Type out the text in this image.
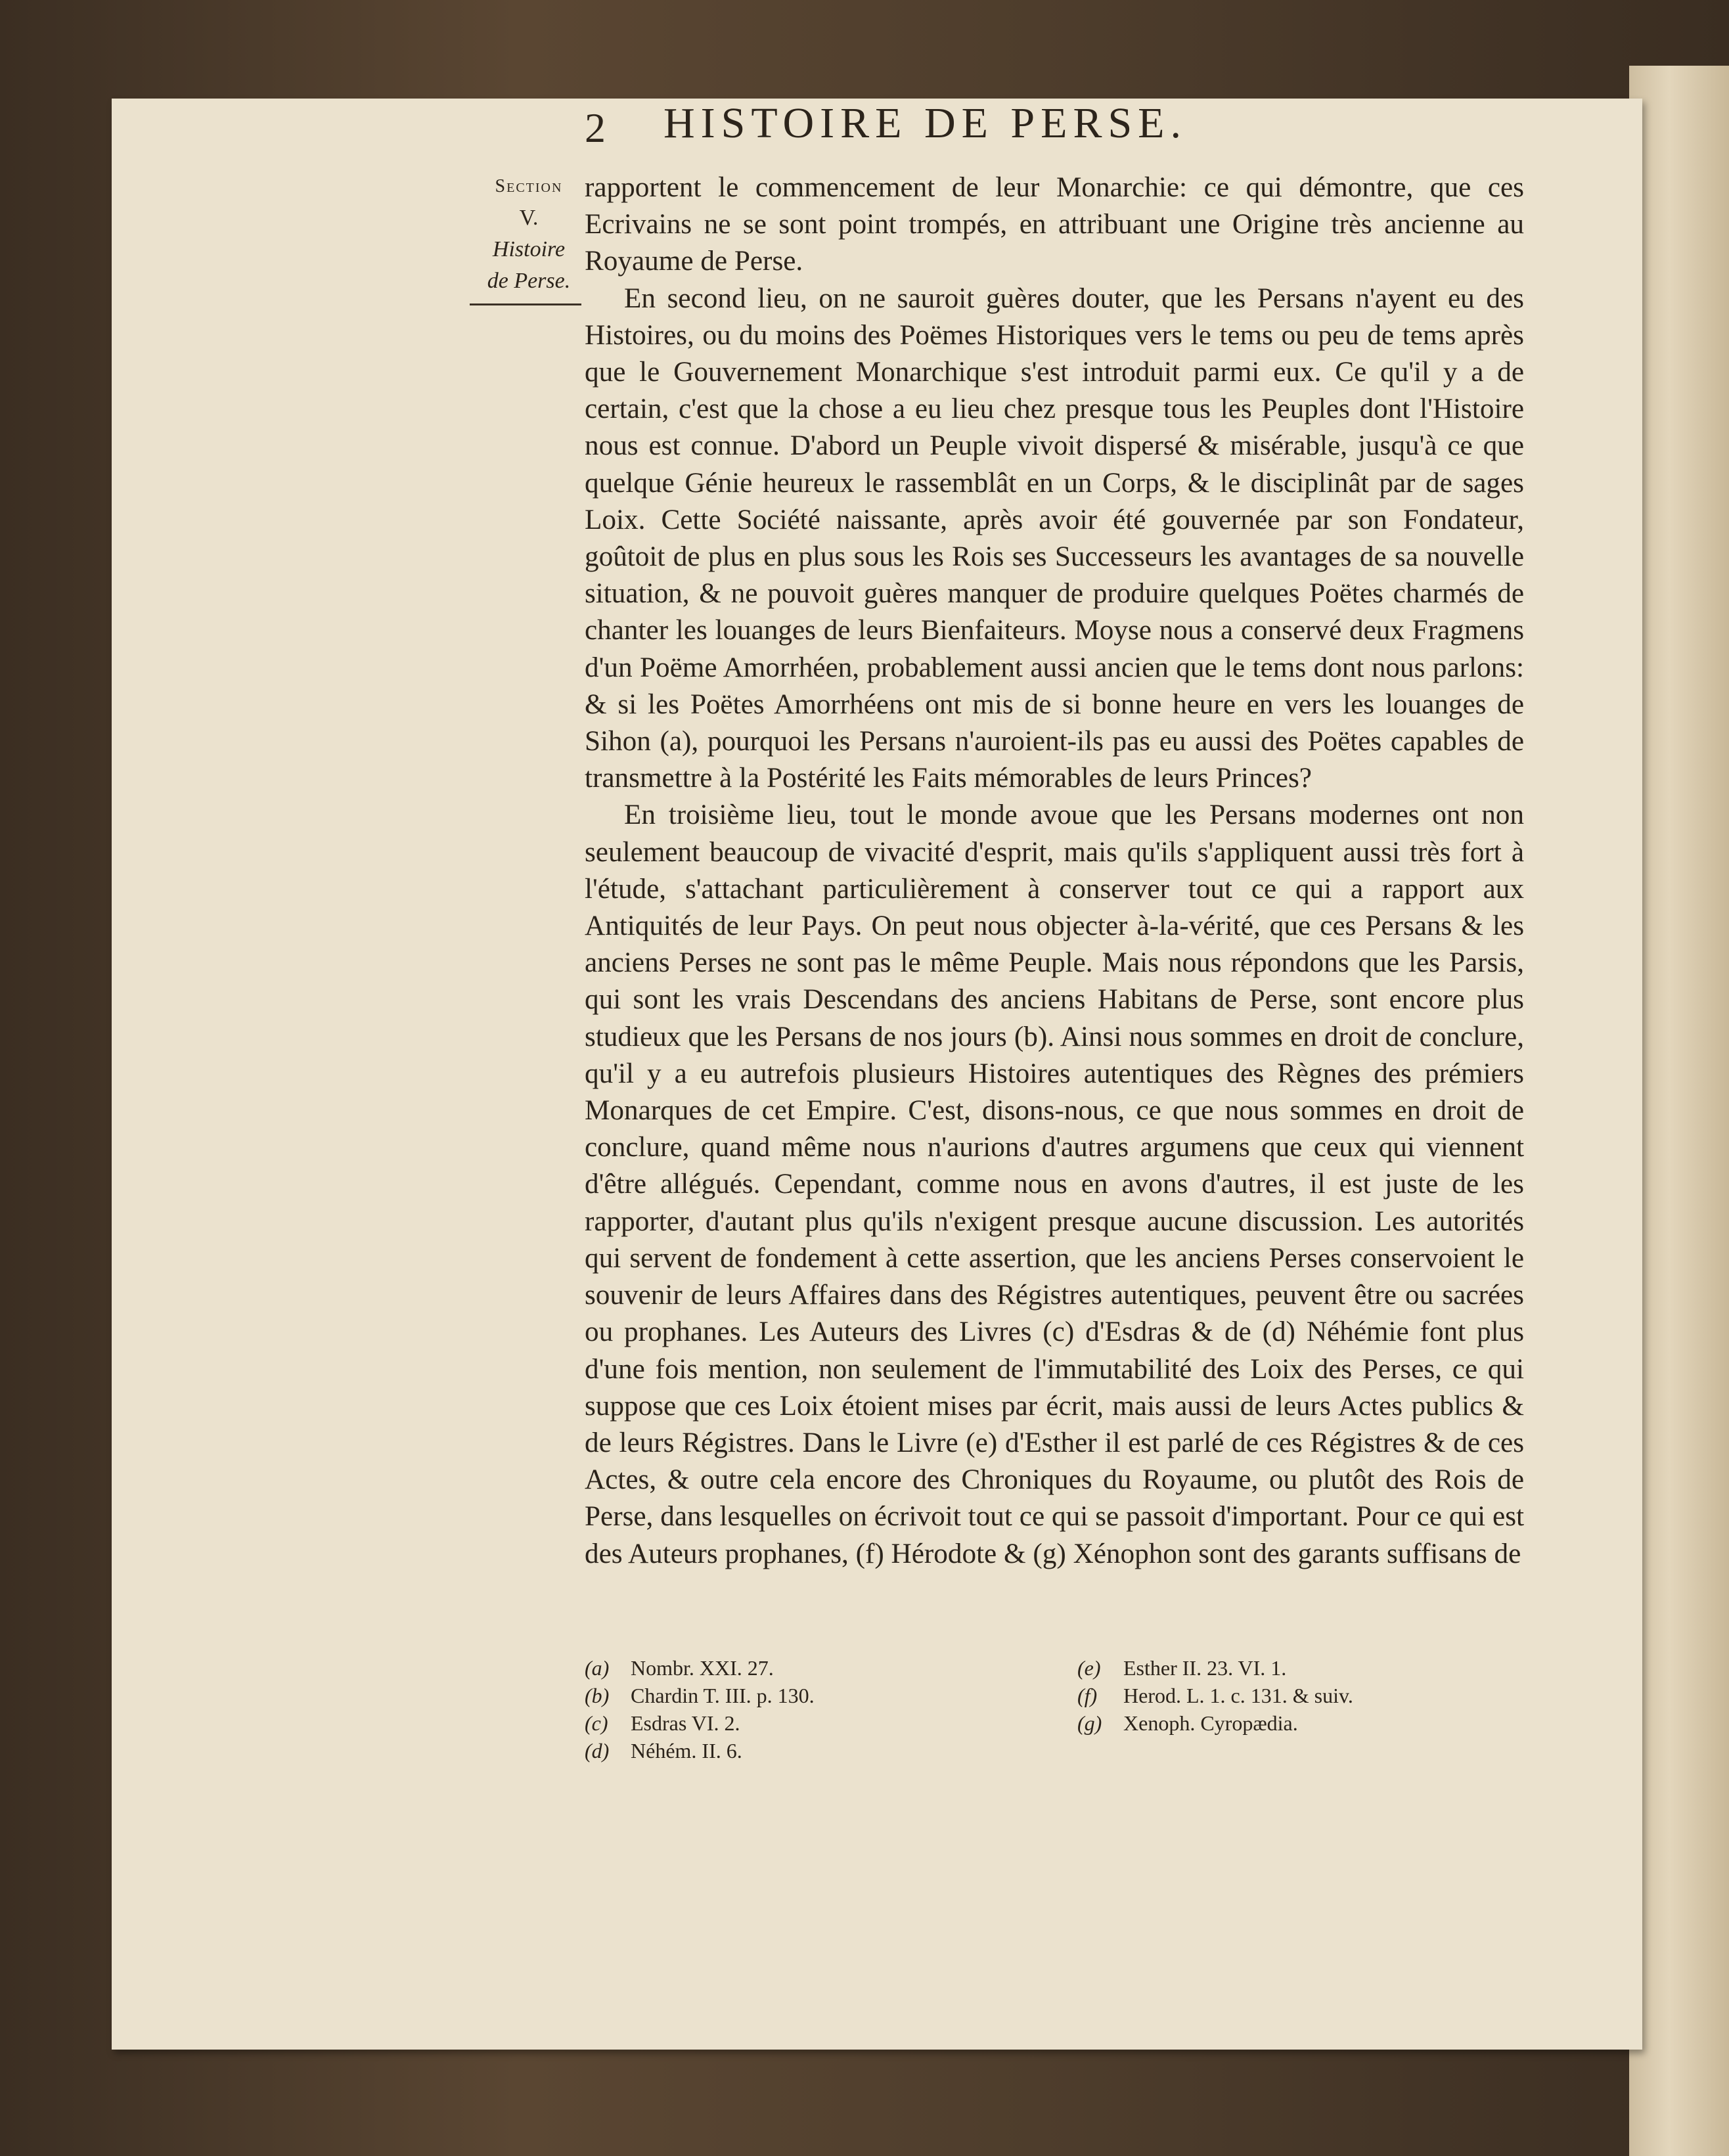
2 HISTOIRE DE PERSE.
Section
V.
Histoire
de Perse.

rapportent le commencement de leur Monarchie: ce qui démontre, que ces Ecrivains ne se sont point trompés, en attribuant une Origine très ancienne au Royaume de Perse.

En second lieu, on ne sauroit guères douter, que les Persans n'ayent eu des Histoires, ou du moins des Poëmes Historiques vers le tems ou peu de tems après que le Gouvernement Monarchique s'est introduit parmi eux. Ce qu'il y a de certain, c'est que la chose a eu lieu chez presque tous les Peuples dont l'Histoire nous est connue. D'abord un Peuple vivoit dispersé & misérable, jusqu'à ce que quelque Génie heureux le rassemblât en un Corps, & le disciplinât par de sages Loix. Cette Société naissante, après avoir été gouvernée par son Fondateur, goûtoit de plus en plus sous les Rois ses Successeurs les avantages de sa nouvelle situation, & ne pouvoit guères manquer de produire quelques Poëtes charmés de chanter les louanges de leurs Bienfaiteurs. Moyse nous a conservé deux Fragmens d'un Poëme Amorrhéen, probablement aussi ancien que le tems dont nous parlons: & si les Poëtes Amorrhéens ont mis de si bonne heure en vers les louanges de Sihon (a), pourquoi les Persans n'auroient-ils pas eu aussi des Poëtes capables de transmettre à la Postérité les Faits mémorables de leurs Princes?

En troisième lieu, tout le monde avoue que les Persans modernes ont non seulement beaucoup de vivacité d'esprit, mais qu'ils s'appliquent aussi très fort à l'étude, s'attachant particulièrement à conserver tout ce qui a rapport aux Antiquités de leur Pays. On peut nous objecter à-la-vérité, que ces Persans & les anciens Perses ne sont pas le même Peuple. Mais nous répondons que les Parsis, qui sont les vrais Descendans des anciens Habitans de Perse, sont encore plus studieux que les Persans de nos jours (b). Ainsi nous sommes en droit de conclure, qu'il y a eu autrefois plusieurs Histoires autentiques des Règnes des prémiers Monarques de cet Empire. C'est, disons-nous, ce que nous sommes en droit de conclure, quand même nous n'aurions d'autres argumens que ceux qui viennent d'être allégués. Cependant, comme nous en avons d'autres, il est juste de les rapporter, d'autant plus qu'ils n'exigent presque aucune discussion. Les autorités qui servent de fondement à cette assertion, que les anciens Perses conservoient le souvenir de leurs Affaires dans des Régistres autentiques, peuvent être ou sacrées ou prophanes. Les Auteurs des Livres (c) d'Esdras & de (d) Néhémie font plus d'une fois mention, non seulement de l'immutabilité des Loix des Perses, ce qui suppose que ces Loix étoient mises par écrit, mais aussi de leurs Actes publics & de leurs Régistres. Dans le Livre (e) d'Esther il est parlé de ces Régistres & de ces Actes, & outre cela encore des Chroniques du Royaume, ou plutôt des Rois de Perse, dans lesquelles on écrivoit tout ce qui se passoit d'important. Pour ce qui est des Auteurs prophanes, (f) Hérodote & (g) Xénophon sont des garants suffisans de

(a) Nombr. XXI. 27.
(b) Chardin T. III. p. 130.
(c) Esdras VI. 2.
(d) Néhém. II. 6.
(e) Esther II. 23. VI. 1.
(f) Herod. L. 1. c. 131. & suiv.
(g) Xenoph. Cyropædia.
